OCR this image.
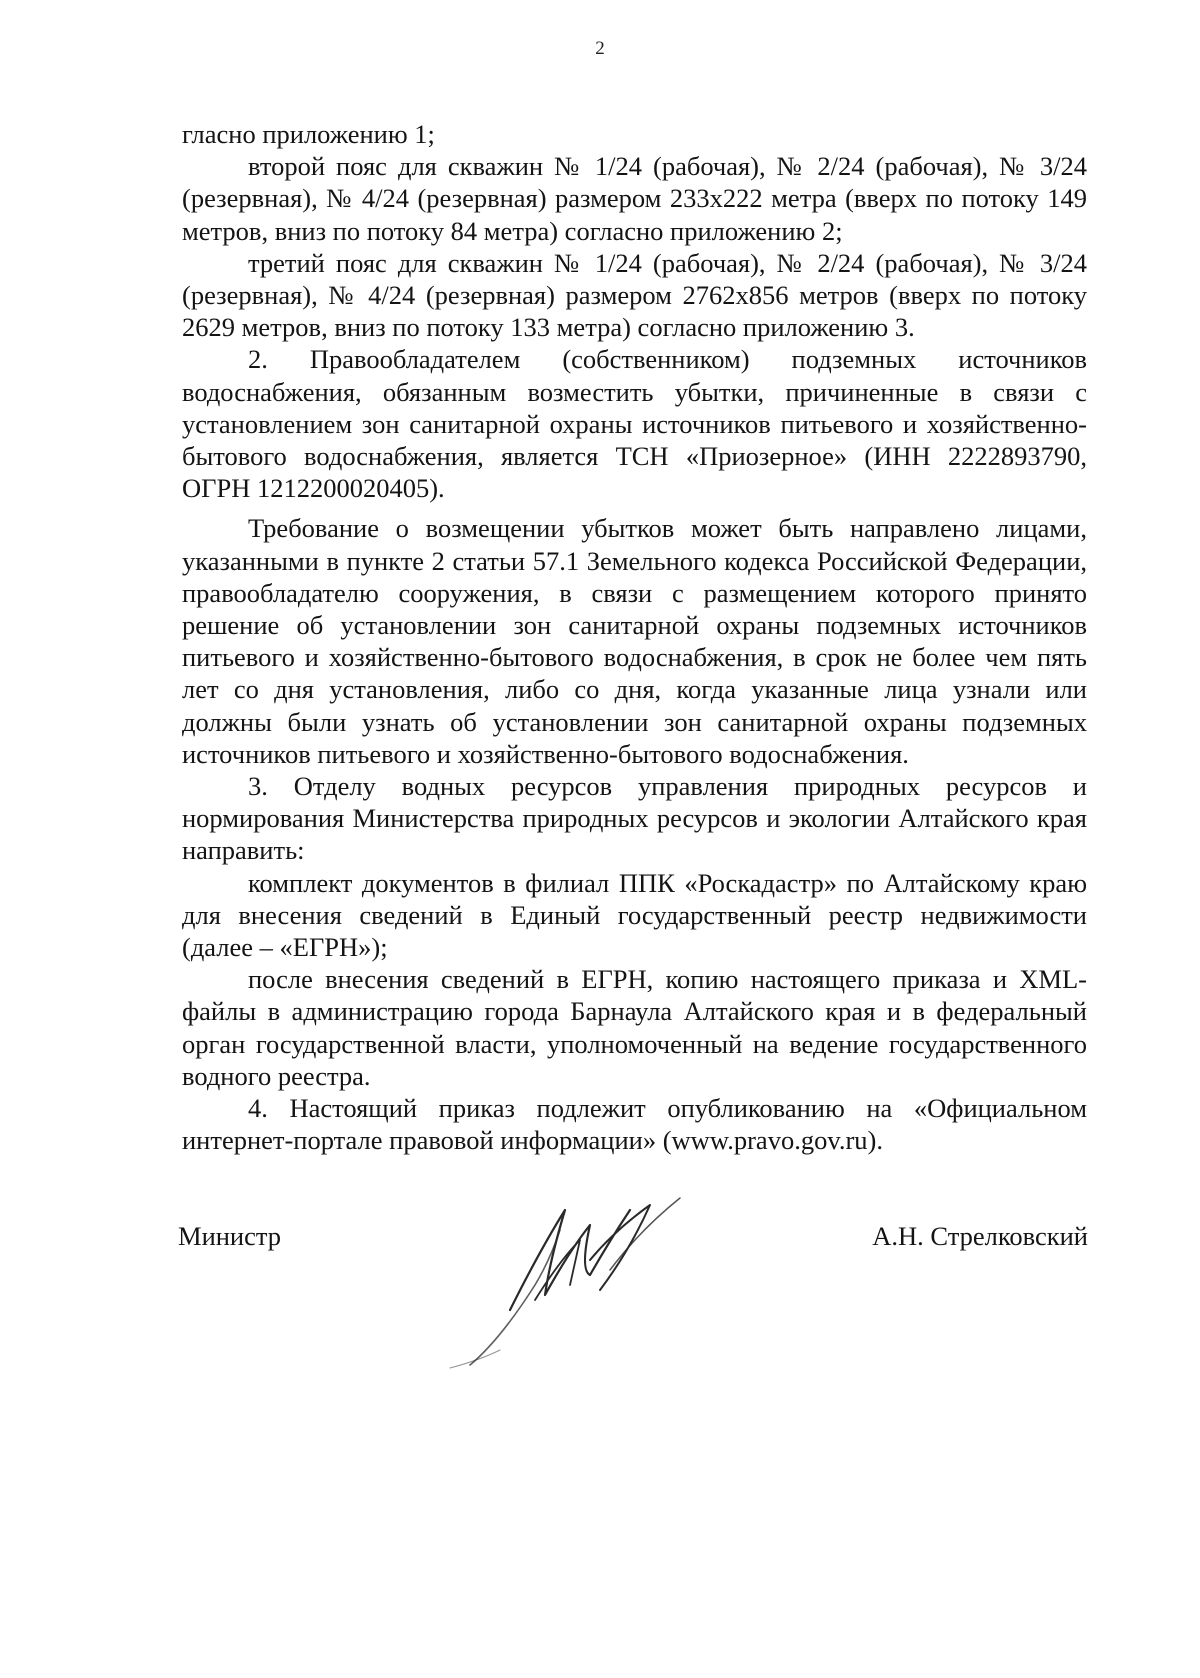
2

гласно приложению 1;

второй пояс для скважин № 1/24 (рабочая), № 2/24 (рабочая), № 3/24 (резервная), № 4/24 (резервная) размером 233х222 метра (вверх по потоку 149 метров, вниз по потоку 84 метра) согласно приложению 2;

третий пояс для скважин № 1/24 (рабочая), № 2/24 (рабочая), № 3/24 (резервная), № 4/24 (резервная) размером 2762х856 метров (вверх по потоку 2629 метров, вниз по потоку 133 метра) согласно приложению 3.

2. Правообладателем (собственником) подземных источников водоснабжения, обязанным возместить убытки, причиненные в связи с установлением зон санитарной охраны источников питьевого и хозяйственно-бытового водоснабжения, является ТСН «Приозерное» (ИНН 2222893790, ОГРН 1212200020405).

Требование о возмещении убытков может быть направлено лицами, указанными в пункте 2 статьи 57.1 Земельного кодекса Российской Федерации, правообладателю сооружения, в связи с размещением которого принято решение об установлении зон санитарной охраны подземных источников питьевого и хозяйственно-бытового водоснабжения, в срок не более чем пять лет со дня установления, либо со дня, когда указанные лица узнали или должны были узнать об установлении зон санитарной охраны подземных источников питьевого и хозяйственно-бытового водоснабжения.

3. Отделу водных ресурсов управления природных ресурсов и нормирования Министерства природных ресурсов и экологии Алтайского края направить:

комплект документов в филиал ППК «Роскадастр» по Алтайскому краю для внесения сведений в Единый государственный реестр недвижимости (далее – «ЕГРН»);

после внесения сведений в ЕГРН, копию настоящего приказа и XML-файлы в администрацию города Барнаула Алтайского края и в федеральный орган государственной власти, уполномоченный на ведение государственного водного реестра.

4. Настоящий приказ подлежит опубликованию на «Официальном интернет-портале правовой информации» (www.pravo.gov.ru).

Министр	А.Н. Стрелковский
